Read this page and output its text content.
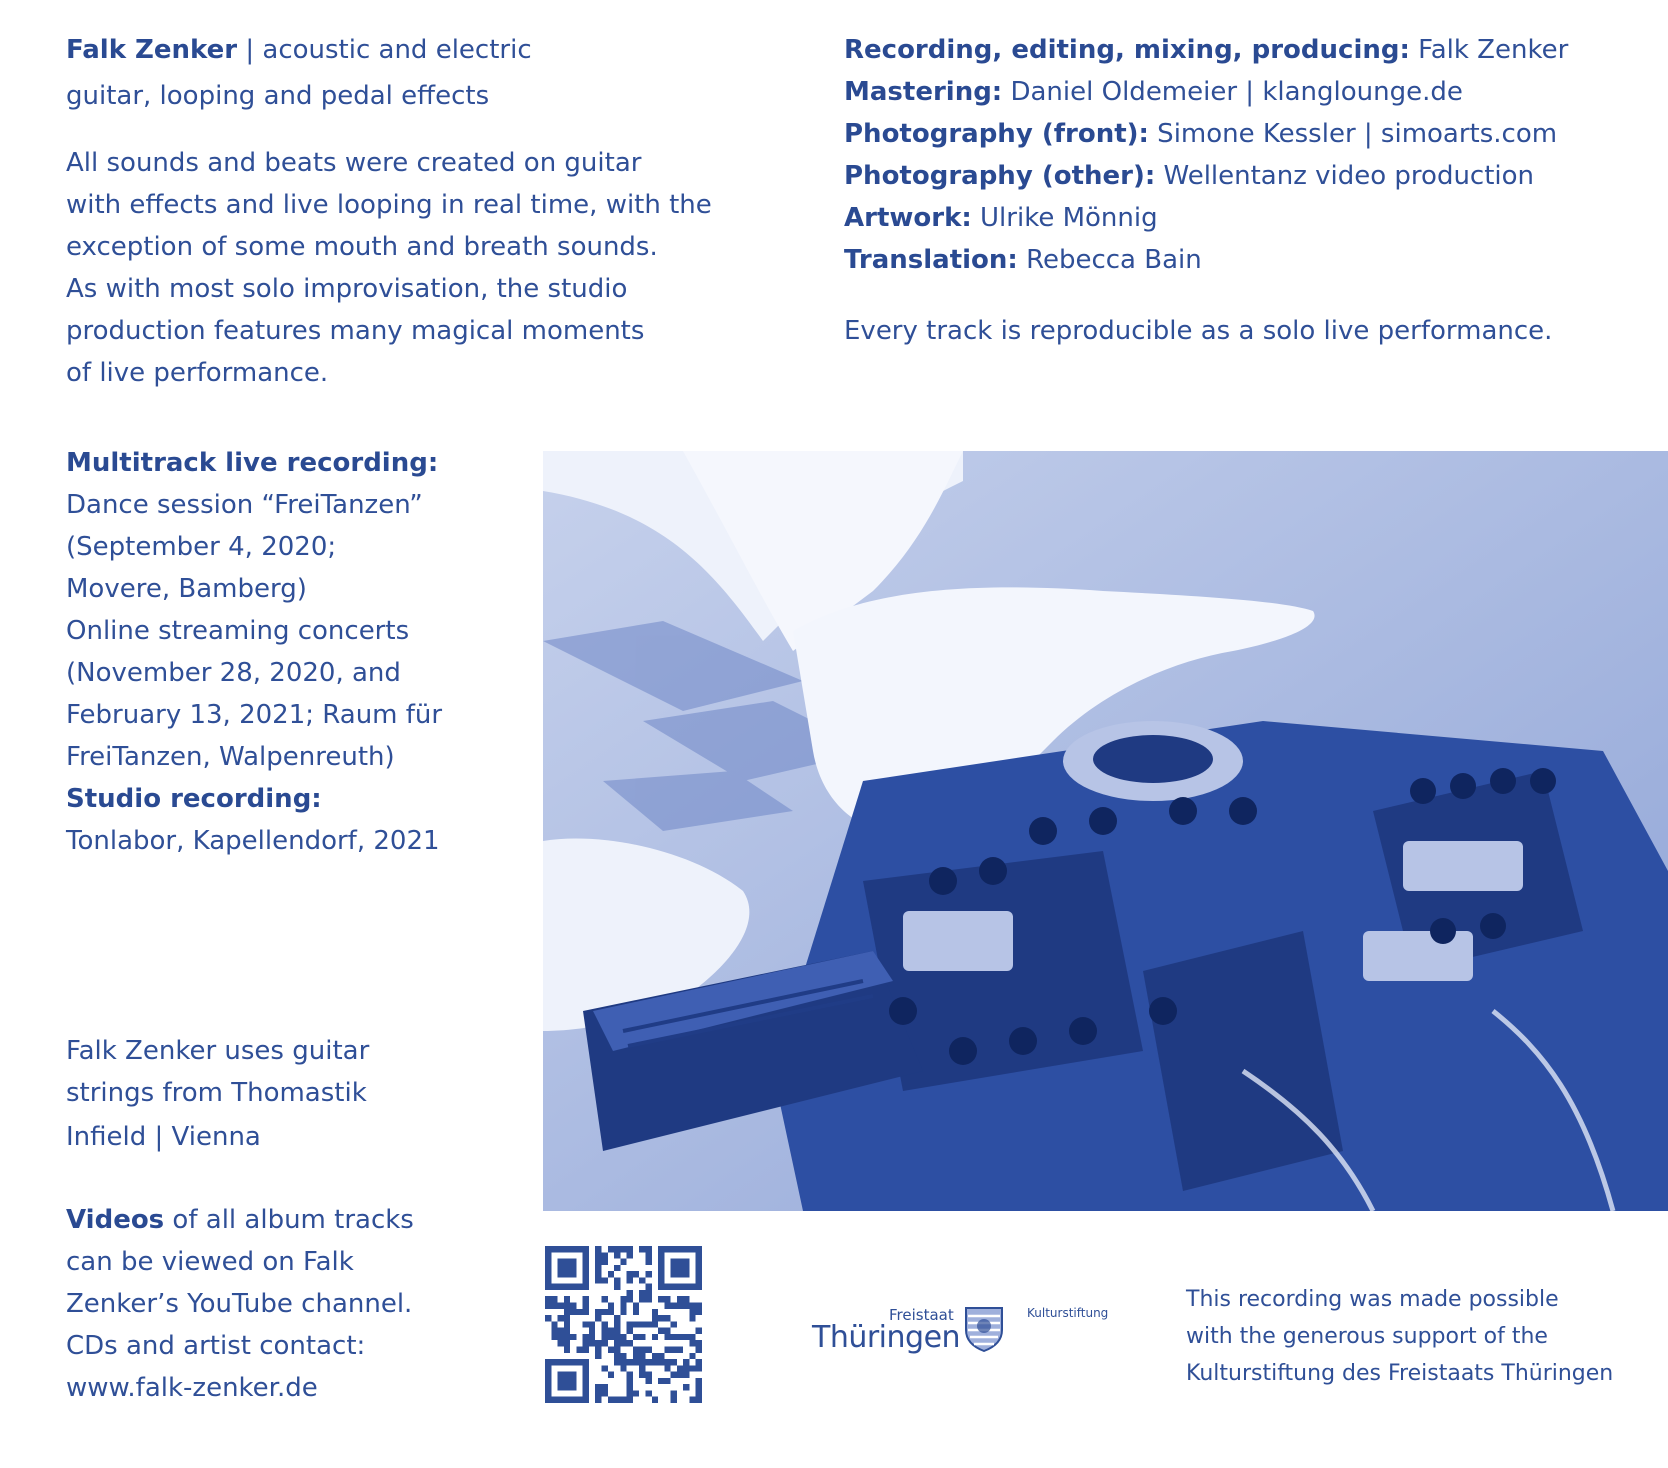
Falk Zenker | acoustic and electric
guitar, looping and pedal effects
All sounds and beats were created on guitar
with effects and live looping in real time, with the
exception of some mouth and breath sounds.
As with most solo improvisation, the studio
production features many magical moments
of live performance.
Recording, editing, mixing, producing: Falk Zenker
Mastering: Daniel Oldemeier | klanglounge.de
Photography (front): Simone Kessler | simoarts.com
Photography (other): Wellentanz video production
Artwork: Ulrike Mönnig
Translation: Rebecca Bain
Every track is reproducible as a solo live performance.
Multitrack live recording:
Dance session “FreiTanzen”
(September 4, 2020;
Movere, Bamberg)
Online streaming concerts
(November 28, 2020, and
February 13, 2021; Raum für
FreiTanzen, Walpenreuth)
Studio recording:
Tonlabor, Kapellendorf, 2021
Falk Zenker uses guitar
strings from Thomastik
Infield | Vienna
Videos of all album tracks
can be viewed on Falk
Zenker’s YouTube channel.
CDs and artist contact:
www.falk-zenker.de
Freistaat
Thüringen
Kulturstiftung
This recording was made possible
with the generous support of the
Kulturstiftung des Freistaats Thüringen
